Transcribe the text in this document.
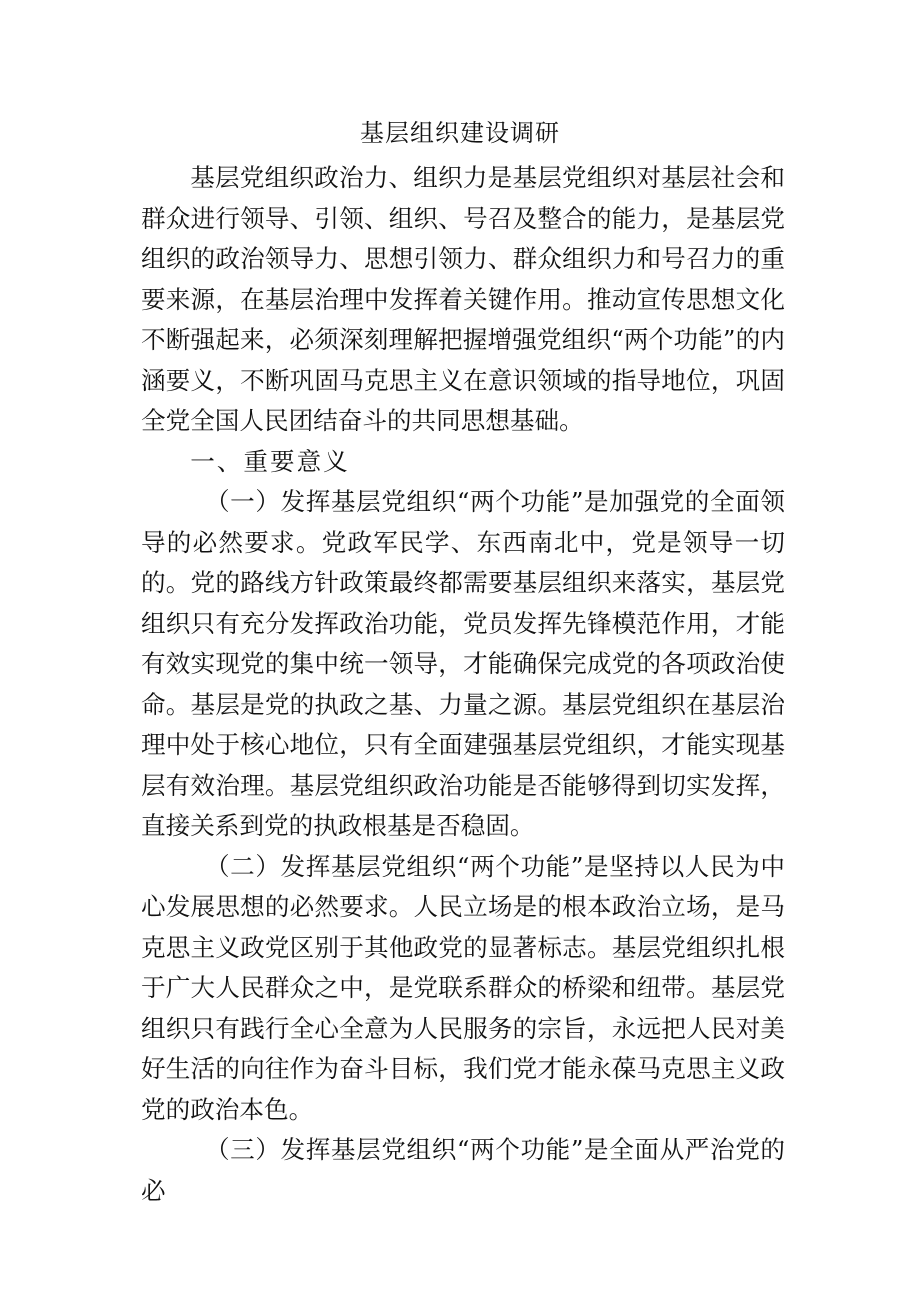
基层组织建设调研

基层党组织政治力、组织力是基层党组织对基层社会和群众进行领导、引领、组织、号召及整合的能力，是基层党组织的政治领导力、思想引领力、群众组织力和号召力的重要来源，在基层治理中发挥着关键作用。推动宣传思想文化不断强起来，必须深刻理解把握增强党组织“两个功能”的内涵要义，不断巩固马克思主义在意识领域的指导地位，巩固全党全国人民团结奋斗的共同思想基础。

一、重要意义

（一）发挥基层党组织“两个功能”是加强党的全面领导的必然要求。党政军民学、东西南北中，党是领导一切的。党的路线方针政策最终都需要基层组织来落实，基层党组织只有充分发挥政治功能，党员发挥先锋模范作用，才能有效实现党的集中统一领导，才能确保完成党的各项政治使命。基层是党的执政之基、力量之源。基层党组织在基层治理中处于核心地位，只有全面建强基层党组织，才能实现基层有效治理。基层党组织政治功能是否能够得到切实发挥，直接关系到党的执政根基是否稳固。

（二）发挥基层党组织“两个功能”是坚持以人民为中心发展思想的必然要求。人民立场是的根本政治立场，是马克思主义政党区别于其他政党的显著标志。基层党组织扎根于广大人民群众之中，是党联系群众的桥梁和纽带。基层党组织只有践行全心全意为人民服务的宗旨，永远把人民对美好生活的向往作为奋斗目标，我们党才能永葆马克思主义政党的政治本色。

（三）发挥基层党组织“两个功能”是全面从严治党的必
